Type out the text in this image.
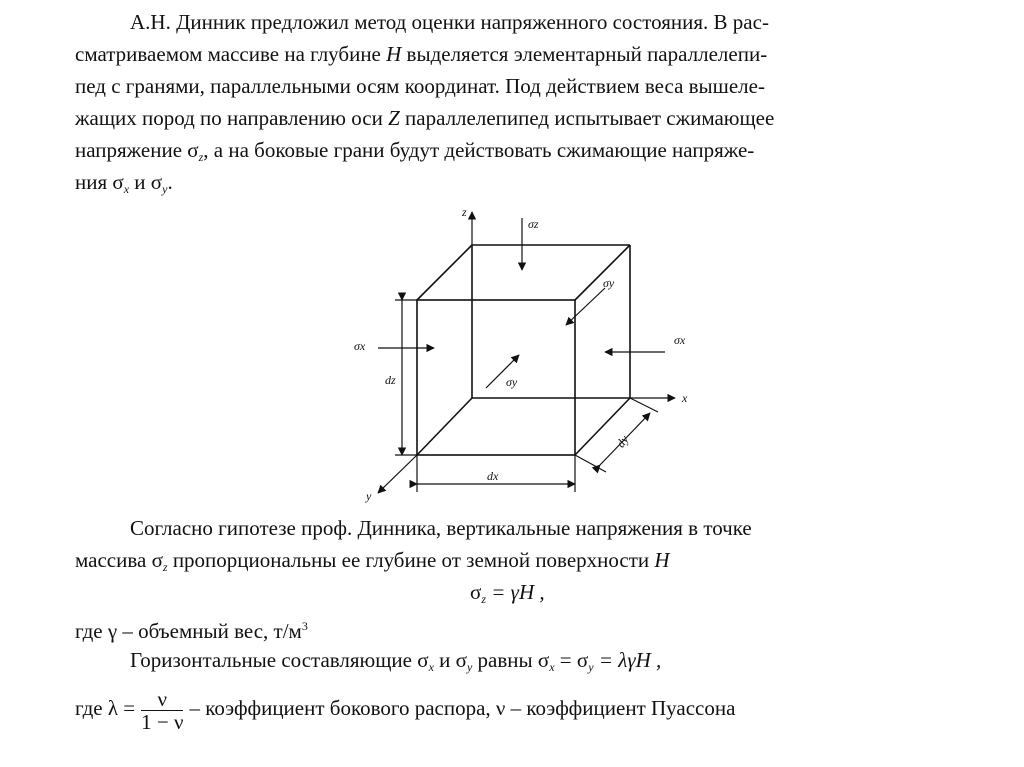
А.Н. Динник предложил метод оценки напряженного состояния. В рас-
сматриваемом массиве на глубине H выделяется элементарный параллелепи-
пед с гранями, параллельными осям координат. Под действием веса вышеле-
жащих пород по направлению оси Z параллелепипед испытывает сжимающее
напряжение $\sigma_z$, а на боковые грани будут действовать сжимающие напряже-
ния $\sigma_x$ и $\sigma_y$.
z
x
y
σz
σx	σx
σy
σy
dz
dx
dy
Согласно гипотезе проф. Динника, вертикальные напряжения в точке
массива $\sigma_z$ пропорциональны ее глубине от земной поверхности H
$\sigma_z = \gamma H$ ,
где γ – объемный вес, $т/м^3$
Горизонтальные составляющие $\sigma_x$ и $\sigma_y$ равны $\sigma_x = \sigma_y = \lambda\gamma H$ ,
где $\lambda = \frac{\nu}{1 - \nu}$ – коэффициент бокового распора, ν – коэффициент Пуассона
